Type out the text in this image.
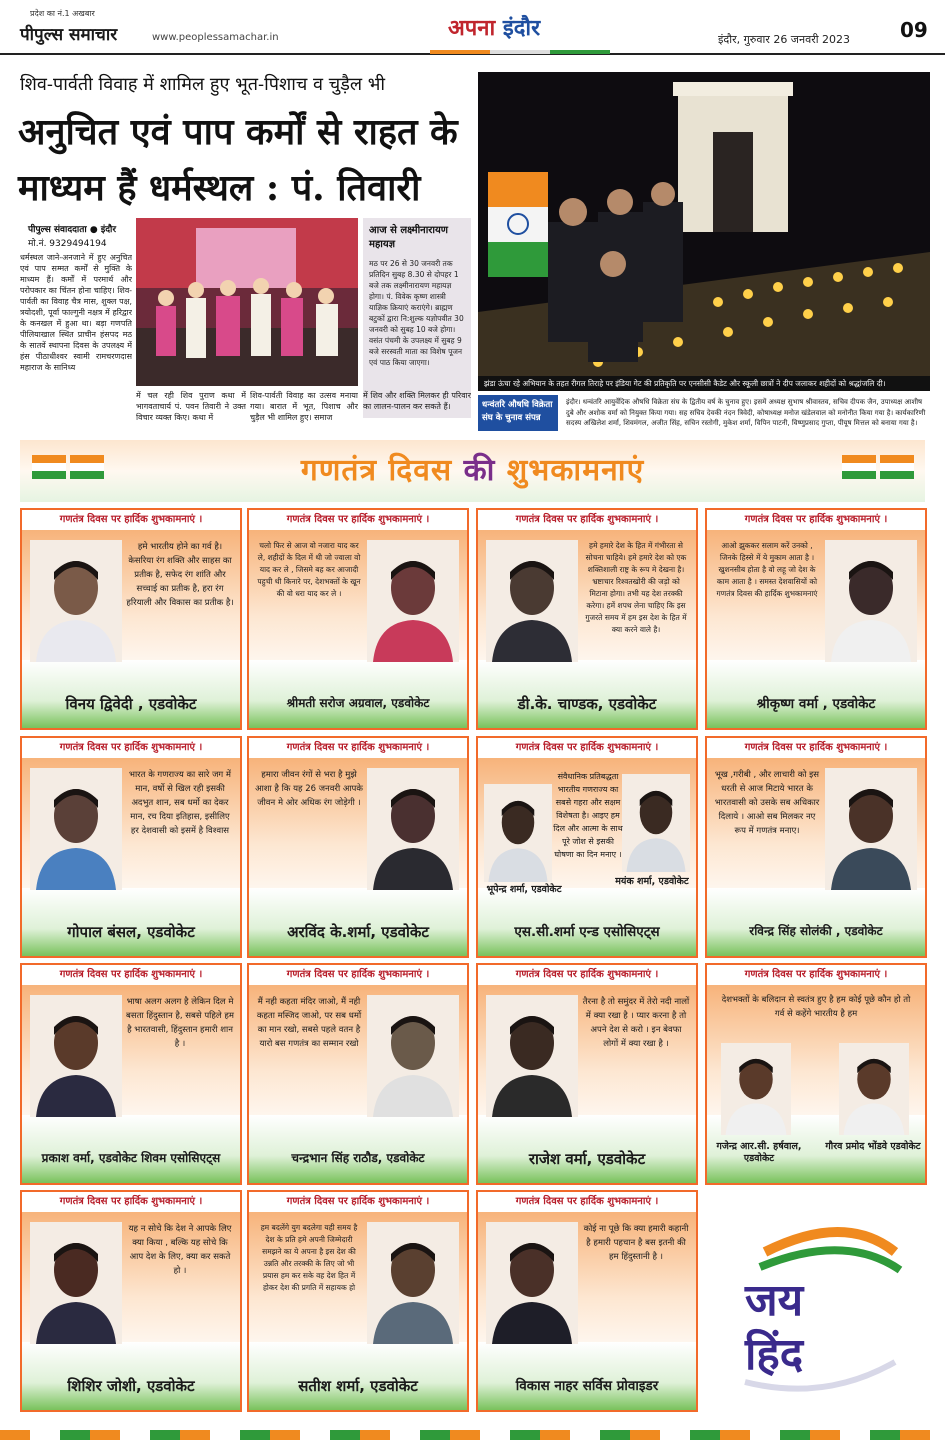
प्रदेश का नं.1 अखबार
पीपुल्स समाचार	www.peoplessamachar.in	अपना इंदौर	इंदौर, गुरुवार 26 जनवरी 2023 09
शिव-पार्वती विवाह में शामिल हुए भूत-पिशाच व चुड़ैल भी
अनुचित एवं पाप कर्मों से राहत के माध्यम हैं धर्मस्थल : पं. तिवारी
पीपुल्स संवाददाता ● इंदौर
मो.नं. 9329494194
धर्मस्थल जाने-अनजाने में हुए अनुचित एवं पाप सम्मत कर्मों से मुक्ति के माध्यम हैं। कर्मों में परमार्थ और परोपकार का चिंतन होना चाहिए। शिव-पार्वती का विवाह चैत्र मास, शुक्ल पक्ष, त्रयोदशी, पूर्वा फाल्गुनी नक्षत्र में हरिद्वार के कनखल में हुआ था। बड़ा गणपति पीलियाखाल स्थित प्राचीन हंसपद मठ के सातवें स्थापना दिवस के उपलक्ष्य में हंस पीठाधीश्वर स्वामी रामचरणदास महाराज के सानिध्य
में चल रही शिव पुराण कथा में भागवताचार्य पं. पवन तिवारी ने उक्त विचार व्यक्त किए। कथा में
शिव-पार्वती विवाह का उत्सव मनाया गया। बारात में भूत, पिशाच और चुड़ैल भी शामिल हुए। समाज
आज से लक्ष्मीनारायण महायज्ञ

मठ पर 26 से 30 जनवरी तक प्रतिदिन सुबह 8.30 से दोपहर 1 बजे तक लक्ष्मीनारायण महायज्ञ होगा। पं. विवेक कृष्ण शास्त्री याज्ञिक क्रियाएं कराएंगे। ब्राह्मण बटुकों द्वारा नि:शुल्क यज्ञोपवीत 30 जनवरी को सुबह 10 बजे होगा। वसंत पंचमी के उपलक्ष्य में सुबह 9 बजे सरस्वती माता का विशेष पूजन एवं पाठ किया जाएगा।

में शिव और शक्ति मिलकर ही परिवार का लालन-पालन कर सकते हैं।
झंडा ऊंचा रहे अभियान के तहत रीगल तिराहे पर इंडिया गेट की प्रतिकृति पर एनसीसी कैडेट और स्कूली छात्रों ने दीप जलाकर शहीदों को श्रद्धांजलि दी।
धन्वंतरि औषधि विक्रेता संघ के चुनाव संपन्न
इंदौर। धन्वंतरि आयुर्वेदिक औषधि विक्रेता संघ के द्वितीय वर्ष के चुनाव हुए। इसमें अध्यक्ष सुभाष श्रीवास्तव, सचिव दीपक जैन, उपाध्यक्ष आशीष दुबे और अशोक वर्मा को नियुक्त किया गया। सह सचिव देवकी नंदन त्रिवेदी, कोषाध्यक्ष मनोज खंडेलवाल को मनोनीत किया गया है। कार्यकारिणी सदस्य अखिलेश शर्मा, शिवमंगल, अजीत सिंह, सचिन रस्तोगी, मुकेश शर्मा, विपिन पाटनी, विष्णुप्रसाद गुप्ता, पीयूष मित्तल को बनाया गया है।
गणतंत्र दिवस की शुभकामनाएं
गणतंत्र दिवस पर हार्दिक शुभकामनाएं ।
हमे भारतीय होने का गर्व है। केसरिया रंग शक्ति और साहस का प्रतीक है, सफेद रंग शांति और सच्चाई का प्रतीक है, हरा रंग हरियाली और विकास का प्रतीक है।
विनय द्विवेदी , एडवोकेट
गणतंत्र दिवस पर हार्दिक शुभकामनाएं ।
चलो फिर से आज वो नजारा याद कर ले, शहीदों के दिल में थी जो ज्वाला वो याद कर ले , जिसमे बह कर आजादी पहुची थी किनारे पर, देशभक्तों के खून की वो धरा याद कर ले ।
श्रीमती सरोज अग्रवाल, एडवोकेट
गणतंत्र दिवस पर हार्दिक शुभकामनाएं ।
हमे हमारे देश के हित में गंभीरता से सोचना चाहिये। हमे हमारे देश को एक शक्तिशाली राष्ट्र के रूप मे देखना है। भ्रष्टाचार रिश्वतखोरी की जड़ो को मिटाना होगा। तभी यह देश तरक्की करेगा। हमें शपथ लेना चाहिए कि इस गुजरते समय में हम इस देश के हित में क्या करने वाले है।
डी.के. चाण्डक, एडवोकेट
गणतंत्र दिवस पर हार्दिक शुभकामनाएं ।
आओ झुककर सलाम करें उनको , जिनके हिस्से में ये मुकाम आता है । खुशनसीब होता है वो लहू जो देश के काम आता है । समस्त देशवासियों को गणतंत्र दिवस की हार्दिक शुभकामनाएं
श्रीकृष्ण वर्मा , एडवोकेट
गणतंत्र दिवस पर हार्दिक शुभकामनाएं ।
भारत के गणराज्य का सारे जग में मान, वर्षो से खिल रही इसकी अदभुत शान, सब धर्मो का देकर मान, रच दिया इतिहास, इसीलिए हर देशवासी को इसमें है विश्वास
गोपाल बंसल, एडवोकेट
गणतंत्र दिवस पर हार्दिक शुभकामनाएं ।
हमारा जीवन रंगों से भरा है मुझे आशा है कि यह 26 जनवरी आपके जीवन मे ओर अधिक रंग जोड़ेगी ।
अरविंद के.शर्मा, एडवोकेट
गणतंत्र दिवस पर हार्दिक शुभकामनाएं ।
संवैधानिक प्रतिबद्धता भारतीय गणराज्य का सबसे गहरा और सक्षम विशेषता है। आइए हम दिल और आत्मा के साथ पूरे जोश से इसकी घोषणा का दिन मनाए ।
भूपेन्द्र शर्मा, एडवोकेट
मयंक शर्मा, एडवोकेट
एस.सी.शर्मा एन्ड एसोसिएट्स
गणतंत्र दिवस पर हार्दिक शुभकामनाएं ।
भूख ,गरीबी , और लाचारी को इस धरती से आज मिटाये भारत के भारतवासी को उसके सब अधिकार दिलाये । आओ सब मिलकर नए रूप में गणतंत्र मनाए।
रविन्द्र सिंह सोलंकी , एडवोकेट
गणतंत्र दिवस पर हार्दिक शुभकामनाएं ।
भाषा अलग अलग है लेकिन दिल मे बसता हिंदुस्तान है, सबसे पहिले हम है भारतवासी, हिंदुस्तान हमारी शान है ।
प्रकाश वर्मा, एडवोकेट शिवम एसोसिएट्स
गणतंत्र दिवस पर हार्दिक शुभकामनाएं ।
मैं नही कहता मंदिर जाओ, मैं नही कहता मस्जिद जाओ, पर सब धर्मो का मान रखो, सबसे पहले वतन है यारो बस गणतंत्र का सम्मान रखो
चन्द्रभान सिंह राठौड, एडवोकेट
गणतंत्र दिवस पर हार्दिक शुभकामनाएं ।
तैरना है तो समुंदर में तेरो नदी नालों में क्या रखा है । प्यार करना है तो अपने देश से करो । इन बेवफा लोगों में क्या रखा है ।
राजेश वर्मा, एडवोकेट
गणतंत्र दिवस पर हार्दिक शुभकामनाएं ।
देशभक्तों के बलिदान से स्वतंत्र हुए है हम कोई पूछे कौन हो तो गर्व से कहेंगे भारतीय है हम
गजेन्द्र आर.सी. हर्षवाल, एडवोकेट
गौरव प्रमोद भोंडवे एडवोकेट
गणतंत्र दिवस पर हार्दिक शुभकामनाएं ।
यह न सोचे कि देश ने आपके लिए क्या किया , बल्कि यह सोचे कि आप देश के लिए, क्या कर सकते हो ।
शिशिर जोशी, एडवोकेट
गणतंत्र दिवस पर हार्दिक शुभकामनाएं ।
हम बदलेंगे युग बदलेगा यही समय है देश के प्रति हमे अपनी जिम्मेदारी समझने का ये अपना है इस देश की उन्नति और तरक्की के लिए जो भी प्रयास हम कर सके वह देश हित में होकर देश की प्रगति में सहायक हो
सतीश शर्मा, एडवोकेट
गणतंत्र दिवस पर हार्दिक शुभकामनाएं ।
कोई ना पूछे कि क्या हमारी कहानी है हमारी पहचान है बस इतनी की हम हिंदुस्तानी है ।
विकास नाहर सर्विस प्रोवाइडर
जय
हिंद
